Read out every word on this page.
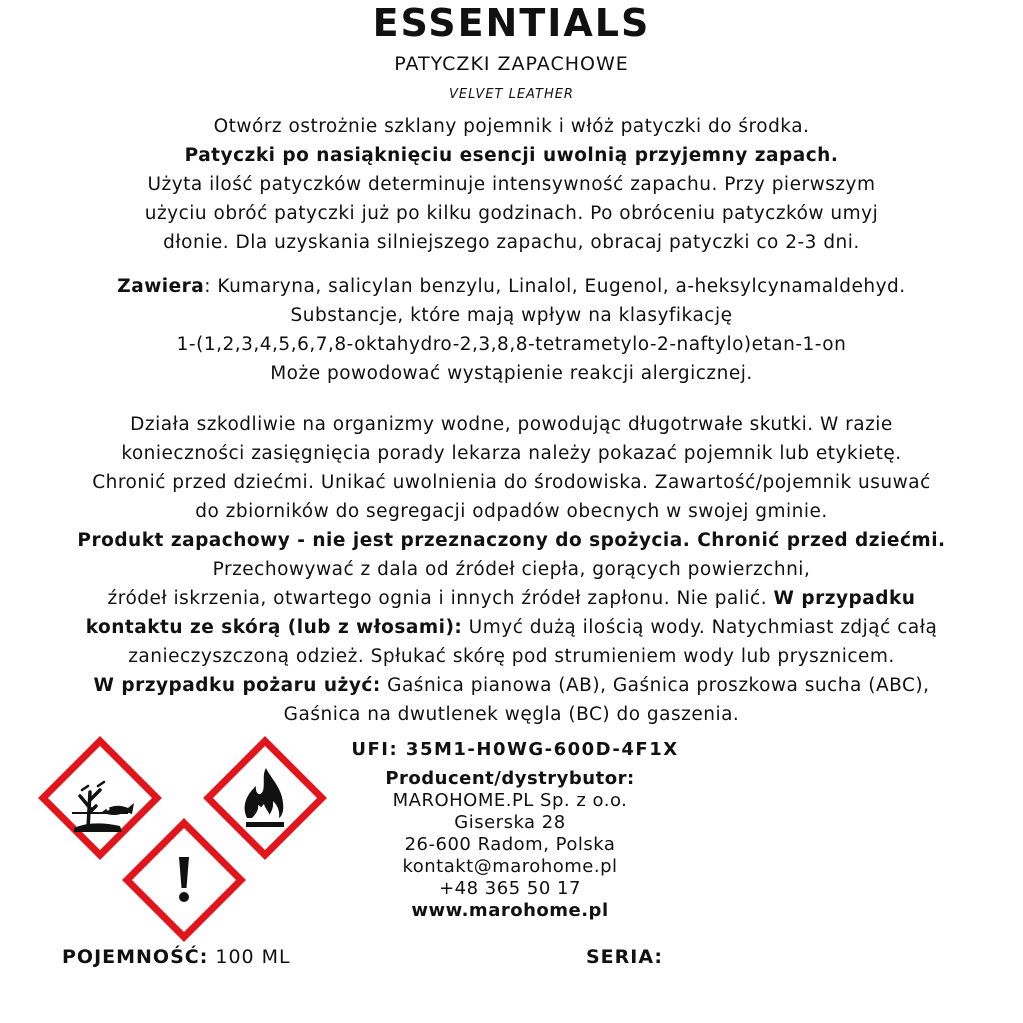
ESSENTIALS
PATYCZKI ZAPACHOWE
VELVET LEATHER
Otwórz ostrożnie szklany pojemnik i włóż patyczki do środka.
Patyczki po nasiąknięciu esencji uwolnią przyjemny zapach.
Użyta ilość patyczków determinuje intensywność zapachu. Przy pierwszym
użyciu obróć patyczki już po kilku godzinach. Po obróceniu patyczków umyj
dłonie. Dla uzyskania silniejszego zapachu, obracaj patyczki co 2-3 dni.
Zawiera: Kumaryna, salicylan benzylu, Linalol, Eugenol, a-heksylcynamaldehyd.
Substancje, które mają wpływ na klasyfikację
1-(1,2,3,4,5,6,7,8-oktahydro-2,3,8,8-tetrametylo-2-naftylo)etan-1-on
Może powodować wystąpienie reakcji alergicznej.
Działa szkodliwie na organizmy wodne, powodując długotrwałe skutki. W razie
konieczności zasięgnięcia porady lekarza należy pokazać pojemnik lub etykietę.
Chronić przed dziećmi. Unikać uwolnienia do środowiska. Zawartość/pojemnik usuwać
do zbiorników do segregacji odpadów obecnych w swojej gminie.
Produkt zapachowy - nie jest przeznaczony do spożycia. Chronić przed dziećmi.
Przechowywać z dala od źródeł ciepła, gorących powierzchni,
źródeł iskrzenia, otwartego ognia i innych źródeł zapłonu. Nie palić. W przypadku
kontaktu ze skórą (lub z włosami): Umyć dużą ilością wody. Natychmiast zdjąć całą
zanieczyszczoną odzież. Spłukać skórę pod strumieniem wody lub prysznicem.
W przypadku pożaru użyć: Gaśnica pianowa (AB), Gaśnica proszkowa sucha (ABC),
Gaśnica na dwutlenek węgla (BC) do gaszenia.
UFI: 35M1-H0WG-600D-4F1X
Producent/dystrybutor:
MAROHOME.PL Sp. z o.o.
Giserska 28
26-600 Radom, Polska
kontakt@marohome.pl
+48 365 50 17
www.marohome.pl
POJEMNOŚĆ: 100 ML	SERIA:
